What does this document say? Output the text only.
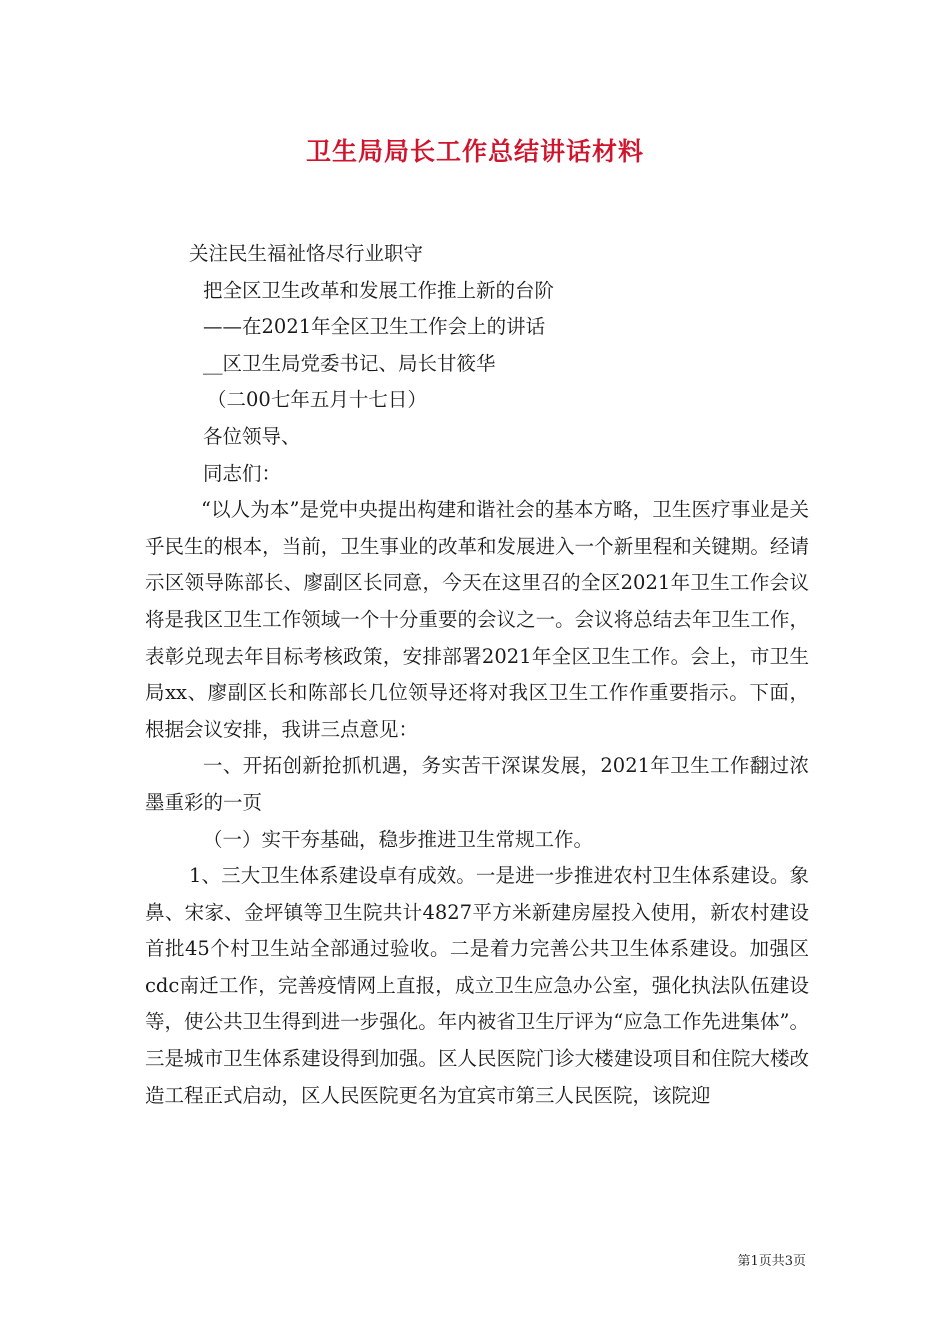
卫生局局长工作总结讲话材料
关注民生福祉恪尽行业职守
把全区卫生改革和发展工作推上新的台阶
——在2021年全区卫生工作会上的讲话
__区卫生局党委书记、局长甘筱华
（二00七年五月十七日）
各位领导、
同志们：
“以人为本”是党中央提出构建和谐社会的基本方略，卫生医疗事业是关乎民生的根本，当前，卫生事业的改革和发展进入一个新里程和关键期。经请示区领导陈部长、廖副区长同意，今天在这里召的全区2021年卫生工作会议将是我区卫生工作领域一个十分重要的会议之一。会议将总结去年卫生工作，表彰兑现去年目标考核政策，安排部署2021年全区卫生工作。会上，市卫生局xx、廖副区长和陈部长几位领导还将对我区卫生工作作重要指示。下面，根据会议安排，我讲三点意见：
一、开拓创新抢抓机遇，务实苦干深谋发展，2021年卫生工作翻过浓墨重彩的一页
（一）实干夯基础，稳步推进卫生常规工作。
1、三大卫生体系建设卓有成效。一是进一步推进农村卫生体系建设。象鼻、宋家、金坪镇等卫生院共计4827平方米新建房屋投入使用，新农村建设首批45个村卫生站全部通过验收。二是着力完善公共卫生体系建设。加强区cdc南迁工作，完善疫情网上直报，成立卫生应急办公室，强化执法队伍建设等，使公共卫生得到进一步强化。年内被省卫生厅评为“应急工作先进集体”。三是城市卫生体系建设得到加强。区人民医院门诊大楼建设项目和住院大楼改造工程正式启动，区人民医院更名为宜宾市第三人民医院，该院迎
第1页共3页
